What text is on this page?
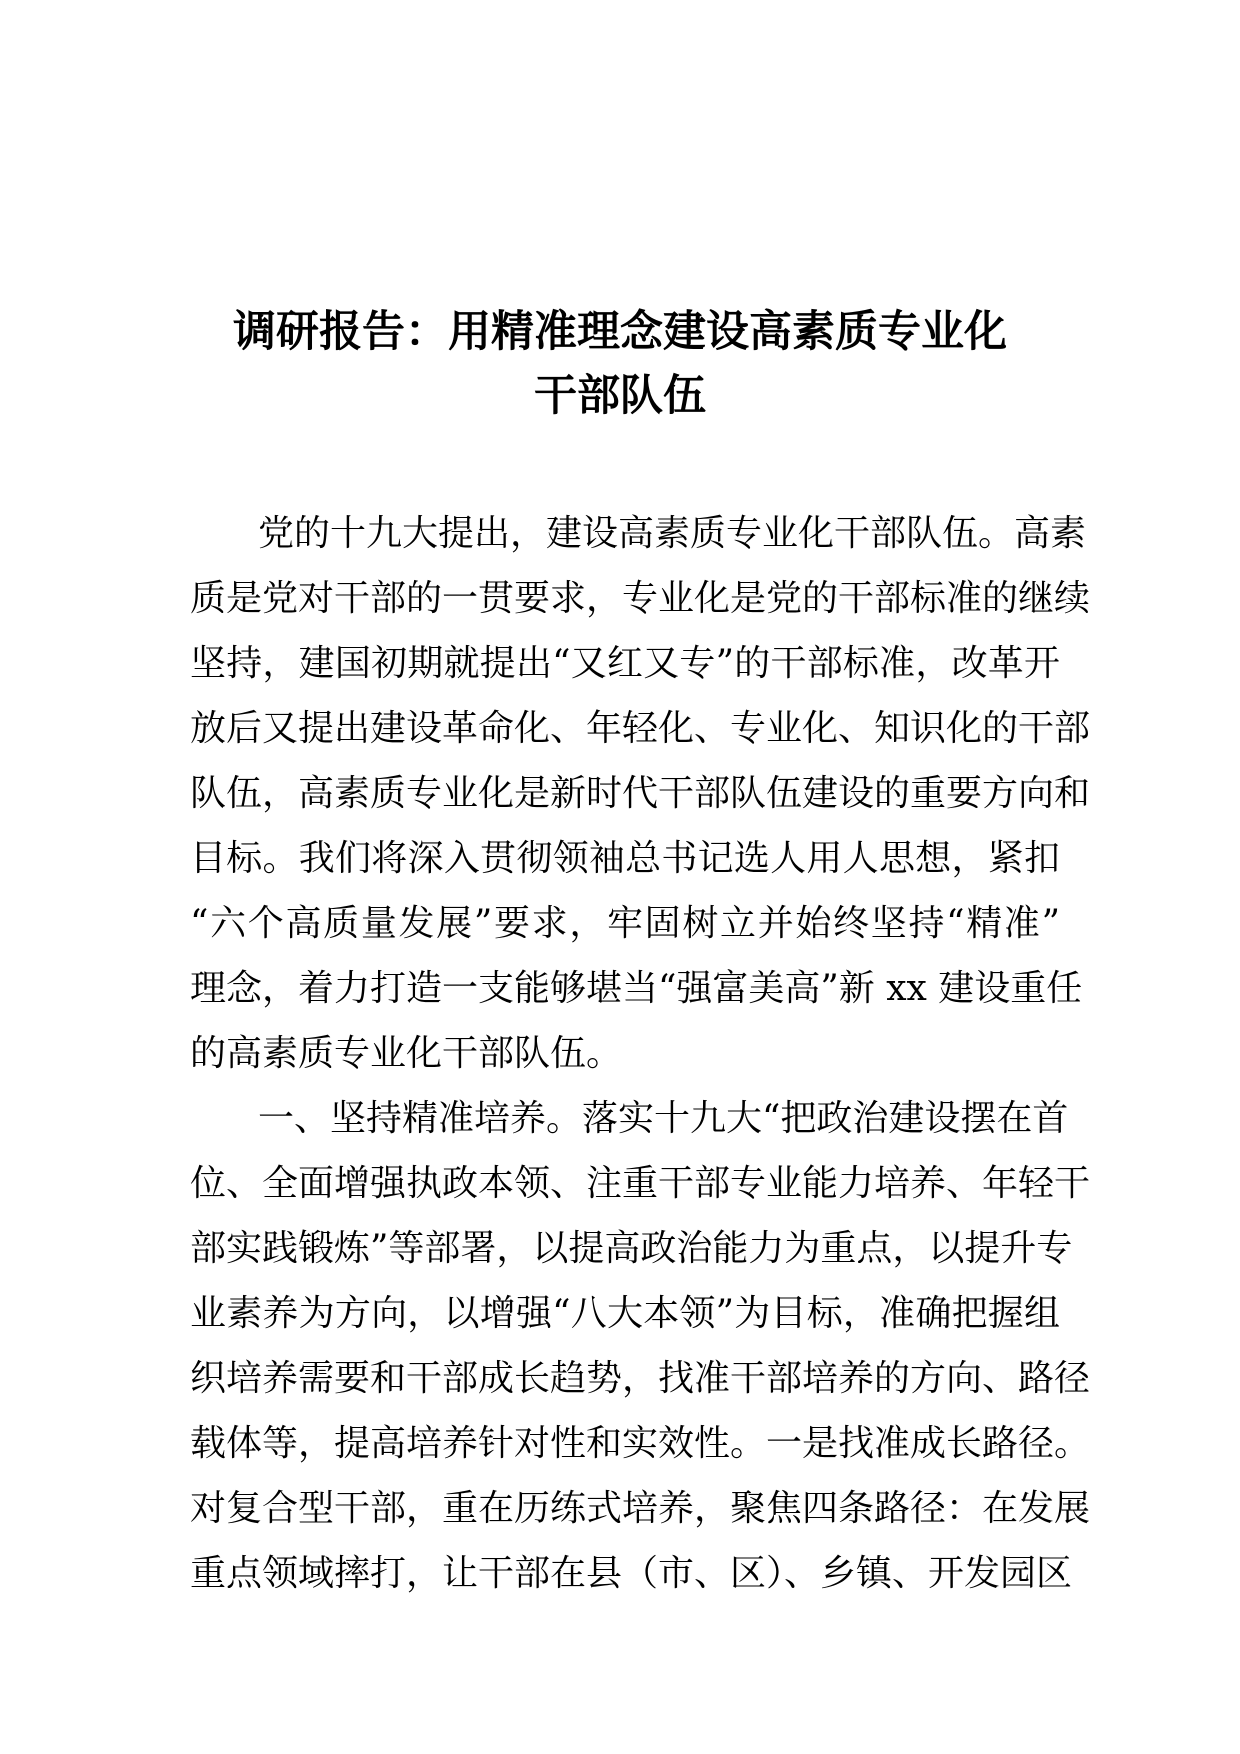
调研报告：用精准理念建设高素质专业化
干部队伍
党的十九大提出，建设高素质专业化干部队伍。高素
质是党对干部的一贯要求，专业化是党的干部标准的继续
坚持，建国初期就提出“又红又专”的干部标准，改革开
放后又提出建设革命化、年轻化、专业化、知识化的干部
队伍，高素质专业化是新时代干部队伍建设的重要方向和
目标。我们将深入贯彻领袖总书记选人用人思想，紧扣
“六个高质量发展”要求，牢固树立并始终坚持“精准”
理念，着力打造一支能够堪当“强富美高”新 xx 建设重任
的高素质专业化干部队伍。
一、坚持精准培养。落实十九大“把政治建设摆在首
位、全面增强执政本领、注重干部专业能力培养、年轻干
部实践锻炼”等部署，以提高政治能力为重点，以提升专
业素养为方向，以增强“八大本领”为目标，准确把握组
织培养需要和干部成长趋势，找准干部培养的方向、路径
载体等，提高培养针对性和实效性。一是找准成长路径。
对复合型干部，重在历练式培养，聚焦四条路径：在发展
重点领域摔打，让干部在县（市、区）、乡镇、开发园区
